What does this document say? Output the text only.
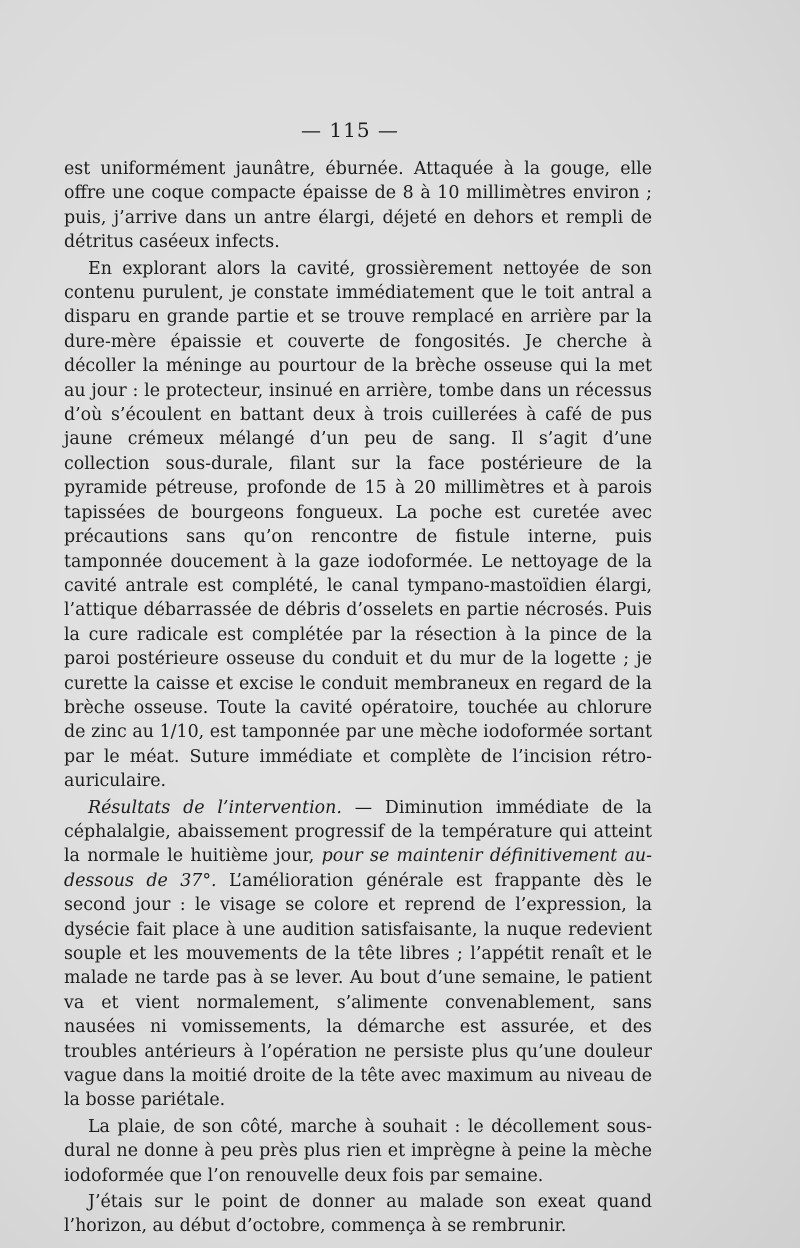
— 115 —

est uniformément jaunâtre, éburnée. Attaquée à la gouge, elle offre une coque compacte épaisse de 8 à 10 millimètres environ ; puis, j’arrive dans un antre élargi, déjeté en dehors et rempli de détritus caséeux infects.

En explorant alors la cavité, grossièrement nettoyée de son contenu purulent, je constate immédiatement que le toit antral a disparu en grande partie et se trouve remplacé en arrière par la dure-mère épaissie et couverte de fongosités. Je cherche à décoller la méninge au pourtour de la brèche osseuse qui la met au jour : le protecteur, insinué en arrière, tombe dans un récessus d’où s’écoulent en battant deux à trois cuillerées à café de pus jaune crémeux mélangé d’un peu de sang. Il s’agit d’une collection sous-durale, filant sur la face postérieure de la pyramide pétreuse, profonde de 15 à 20 millimètres et à parois tapissées de bourgeons fongueux. La poche est curetée avec précautions sans qu’on rencontre de fistule interne, puis tamponnée doucement à la gaze iodoformée. Le nettoyage de la cavité antrale est complété, le canal tympano-mastoïdien élargi, l’attique débarrassée de débris d’osselets en partie nécrosés. Puis la cure radicale est complétée par la résection à la pince de la paroi postérieure osseuse du conduit et du mur de la logette ; je curette la caisse et excise le conduit membraneux en regard de la brèche osseuse. Toute la cavité opératoire, touchée au chlorure de zinc au 1/10, est tamponnée par une mèche iodoformée sortant par le méat. Suture immédiate et complète de l’incision rétro-auriculaire.

Résultats de l’intervention. — Diminution immédiate de la céphalalgie, abaissement progressif de la température qui atteint la normale le huitième jour, pour se maintenir définitivement au-dessous de 37°. L’amélioration générale est frappante dès le second jour : le visage se colore et reprend de l’expression, la dysécie fait place à une audition satisfaisante, la nuque redevient souple et les mouvements de la tête libres ; l’appétit renaît et le malade ne tarde pas à se lever. Au bout d’une semaine, le patient va et vient normalement, s’alimente convenablement, sans nausées ni vomissements, la démarche est assurée, et des troubles antérieurs à l’opération ne persiste plus qu’une douleur vague dans la moitié droite de la tête avec maximum au niveau de la bosse pariétale.

La plaie, de son côté, marche à souhait : le décollement sous-dural ne donne à peu près plus rien et imprègne à peine la mèche iodoformée que l’on renouvelle deux fois par semaine.

J’étais sur le point de donner au malade son exeat quand l’horizon, au début d’octobre, commença à se rembrunir.
